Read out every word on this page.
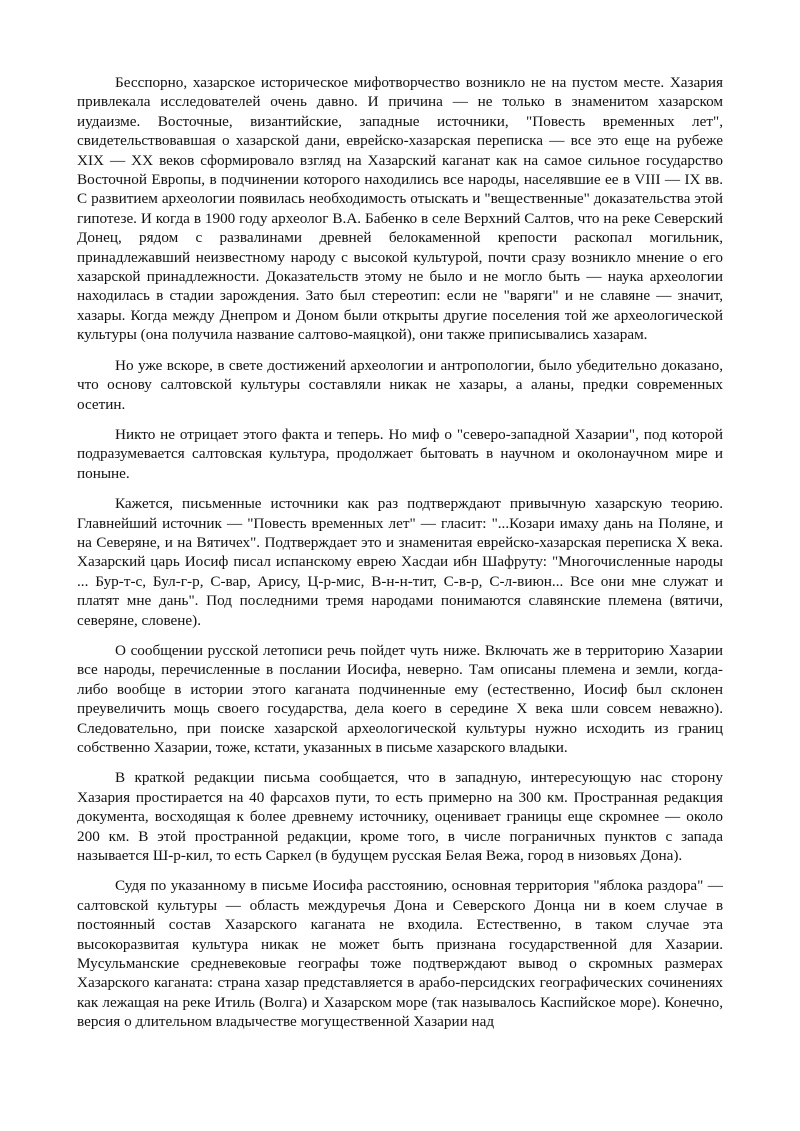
Бесспорно, хазарское историческое мифотворчество возникло не на пустом месте. Хазария привлекала исследователей очень давно. И причина — не только в знаменитом хазарском иудаизме. Восточные, византийские, западные источники, "Повесть временных лет", свидетельствовавшая о хазарской дани, еврейско-хазарская переписка — все это еще на рубеже XIX — XX веков сформировало взгляд на Хазарский каганат как на самое сильное государство Восточной Европы, в подчинении которого находились все народы, населявшие ее в VIII — IX вв. С развитием археологии появилась необходимость отыскать и "вещественные" доказательства этой гипотезе. И когда в 1900 году археолог В.А. Бабенко в селе Верхний Салтов, что на реке Северский Донец, рядом с развалинами древней белокаменной крепости раскопал могильник, принадлежавший неизвестному народу с высокой культурой, почти сразу возникло мнение о его хазарской принадлежности. Доказательств этому не было и не могло быть — наука археологии находилась в стадии зарождения. Зато был стереотип: если не "варяги" и не славяне — значит, хазары. Когда между Днепром и Доном были открыты другие поселения той же археологической культуры (она получила название салтово-маяцкой), они также приписывались хазарам.

Но уже вскоре, в свете достижений археологии и антропологии, было убедительно доказано, что основу салтовской культуры составляли никак не хазары, а аланы, предки современных осетин.

Никто не отрицает этого факта и теперь. Но миф о "северо-западной Хазарии", под которой подразумевается салтовская культура, продолжает бытовать в научном и околонаучном мире и поныне.

Кажется, письменные источники как раз подтверждают привычную хазарскую теорию. Главнейший источник — "Повесть временных лет" — гласит: "...Козари имаху дань на Поляне, и на Северяне, и на Вятичех". Подтверждает это и знаменитая еврейско-хазарская переписка X века. Хазарский царь Иосиф писал испанскому еврею Хасдаи ибн Шафруту: "Многочисленные народы ... Бур-т-с, Бул-г-р, С-вар, Арису, Ц-р-мис, В-н-н-тит, С-в-р, С-л-виюн... Все они мне служат и платят мне дань". Под последними тремя народами понимаются славянские племена (вятичи, северяне, словене).

О сообщении русской летописи речь пойдет чуть ниже. Включать же в территорию Хазарии все народы, перечисленные в послании Иосифа, неверно. Там описаны племена и земли, когда-либо вообще в истории этого каганата подчиненные ему (естественно, Иосиф был склонен преувеличить мощь своего государства, дела коего в середине X века шли совсем неважно). Следовательно, при поиске хазарской археологической культуры нужно исходить из границ собственно Хазарии, тоже, кстати, указанных в письме хазарского владыки.

В краткой редакции письма сообщается, что в западную, интересующую нас сторону Хазария простирается на 40 фарсахов пути, то есть примерно на 300 км. Пространная редакция документа, восходящая к более древнему источнику, оценивает границы еще скромнее — около 200 км. В этой пространной редакции, кроме того, в числе пограничных пунктов с запада называется Ш-р-кил, то есть Саркел (в будущем русская Белая Вежа, город в низовьях Дона).

Судя по указанному в письме Иосифа расстоянию, основная территория "яблока раздора" — салтовской культуры — область междуречья Дона и Северского Донца ни в коем случае в постоянный состав Хазарского каганата не входила. Естественно, в таком случае эта высокоразвитая культура никак не может быть признана государственной для Хазарии. Мусульманские средневековые географы тоже подтверждают вывод о скромных размерах Хазарского каганата: страна хазар представляется в арабо-персидских географических сочинениях как лежащая на реке Итиль (Волга) и Хазарском море (так называлось Каспийское море). Конечно, версия о длительном владычестве могущественной Хазарии над
